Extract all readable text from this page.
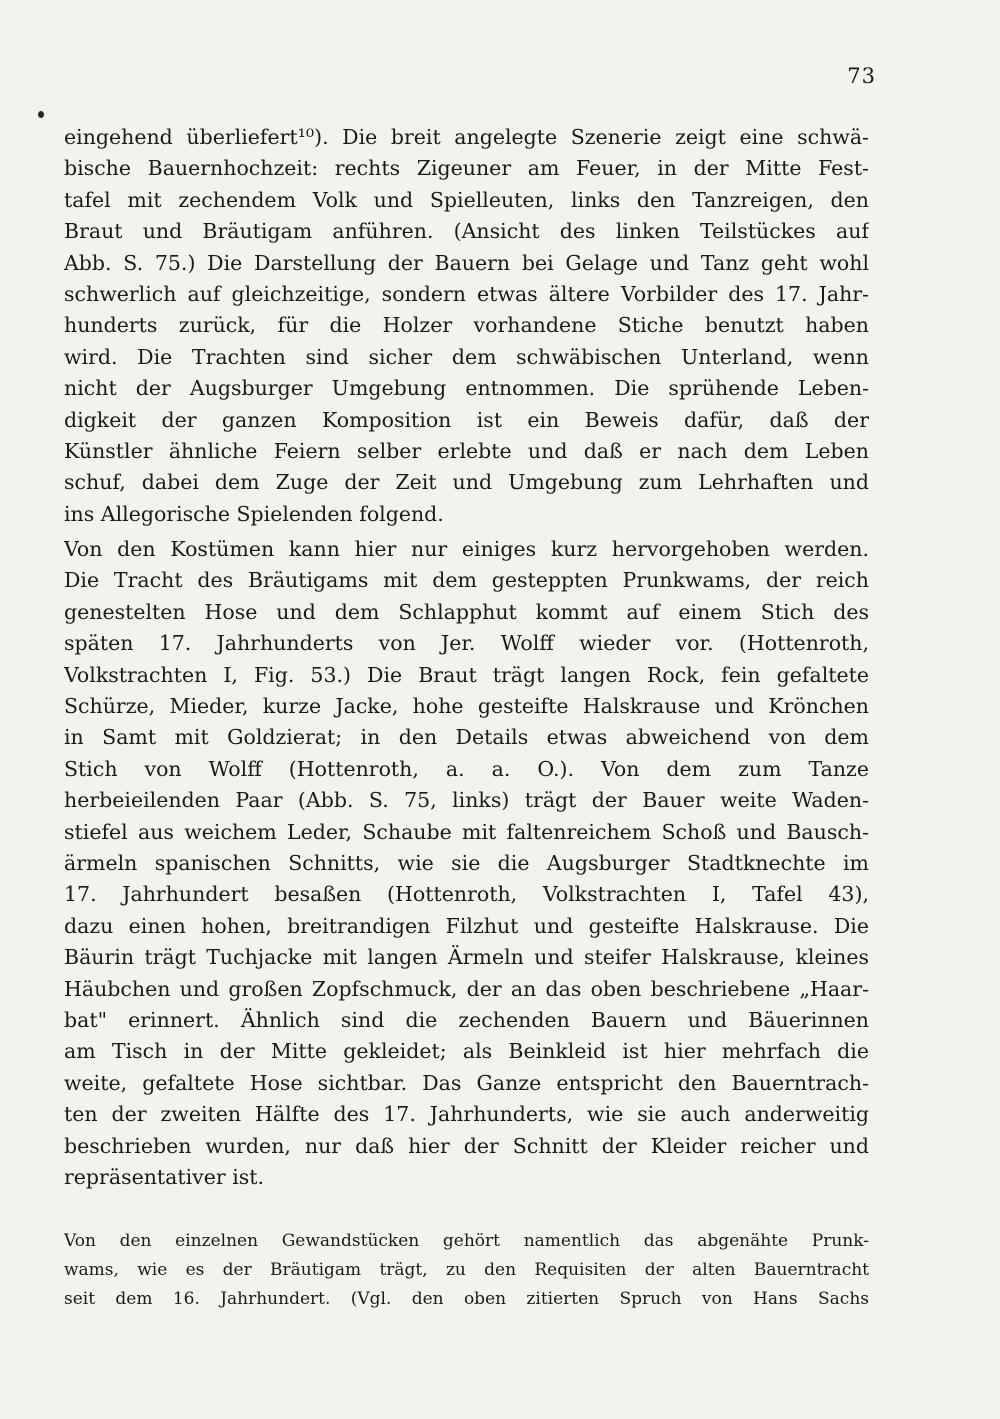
73
eingehend überliefert¹⁰). Die breit angelegte Szenerie zeigt eine schwä-
bische Bauernhochzeit: rechts Zigeuner am Feuer, in der Mitte Fest-
tafel mit zechendem Volk und Spielleuten, links den Tanzreigen, den
Braut und Bräutigam anführen. (Ansicht des linken Teilstückes auf
Abb. S. 75.) Die Darstellung der Bauern bei Gelage und Tanz geht wohl
schwerlich auf gleichzeitige, sondern etwas ältere Vorbilder des 17. Jahr-
hunderts zurück, für die Holzer vorhandene Stiche benutzt haben
wird. Die Trachten sind sicher dem schwäbischen Unterland, wenn
nicht der Augsburger Umgebung entnommen. Die sprühende Leben-
digkeit der ganzen Komposition ist ein Beweis dafür, daß der
Künstler ähnliche Feiern selber erlebte und daß er nach dem Leben
schuf, dabei dem Zuge der Zeit und Umgebung zum Lehrhaften und
ins Allegorische Spielenden folgend.
Von den Kostümen kann hier nur einiges kurz hervorgehoben werden.
Die Tracht des Bräutigams mit dem gesteppten Prunkwams, der reich
genestelten Hose und dem Schlapphut kommt auf einem Stich des
späten 17. Jahrhunderts von Jer. Wolff wieder vor. (Hottenroth,
Volkstrachten I, Fig. 53.) Die Braut trägt langen Rock, fein gefaltete
Schürze, Mieder, kurze Jacke, hohe gesteifte Halskrause und Krönchen
in Samt mit Goldzierat; in den Details etwas abweichend von dem
Stich von Wolff (Hottenroth, a. a. O.). Von dem zum Tanze
herbeieilenden Paar (Abb. S. 75, links) trägt der Bauer weite Waden-
stiefel aus weichem Leder, Schaube mit faltenreichem Schoß und Bausch-
ärmeln spanischen Schnitts, wie sie die Augsburger Stadtknechte im
17. Jahrhundert besaßen (Hottenroth, Volkstrachten I, Tafel 43),
dazu einen hohen, breitrandigen Filzhut und gesteifte Halskrause. Die
Bäurin trägt Tuchjacke mit langen Ärmeln und steifer Halskrause, kleines
Häubchen und großen Zopfschmuck, der an das oben beschriebene „Haar-
bat" erinnert. Ähnlich sind die zechenden Bauern und Bäuerinnen
am Tisch in der Mitte gekleidet; als Beinkleid ist hier mehrfach die
weite, gefaltete Hose sichtbar. Das Ganze entspricht den Bauerntrach-
ten der zweiten Hälfte des 17. Jahrhunderts, wie sie auch anderweitig
beschrieben wurden, nur daß hier der Schnitt der Kleider reicher und
repräsentativer ist.
Von den einzelnen Gewandstücken gehört namentlich das abgenähte Prunk-
wams, wie es der Bräutigam trägt, zu den Requisiten der alten Bauerntracht
seit dem 16. Jahrhundert. (Vgl. den oben zitierten Spruch von Hans Sachs
